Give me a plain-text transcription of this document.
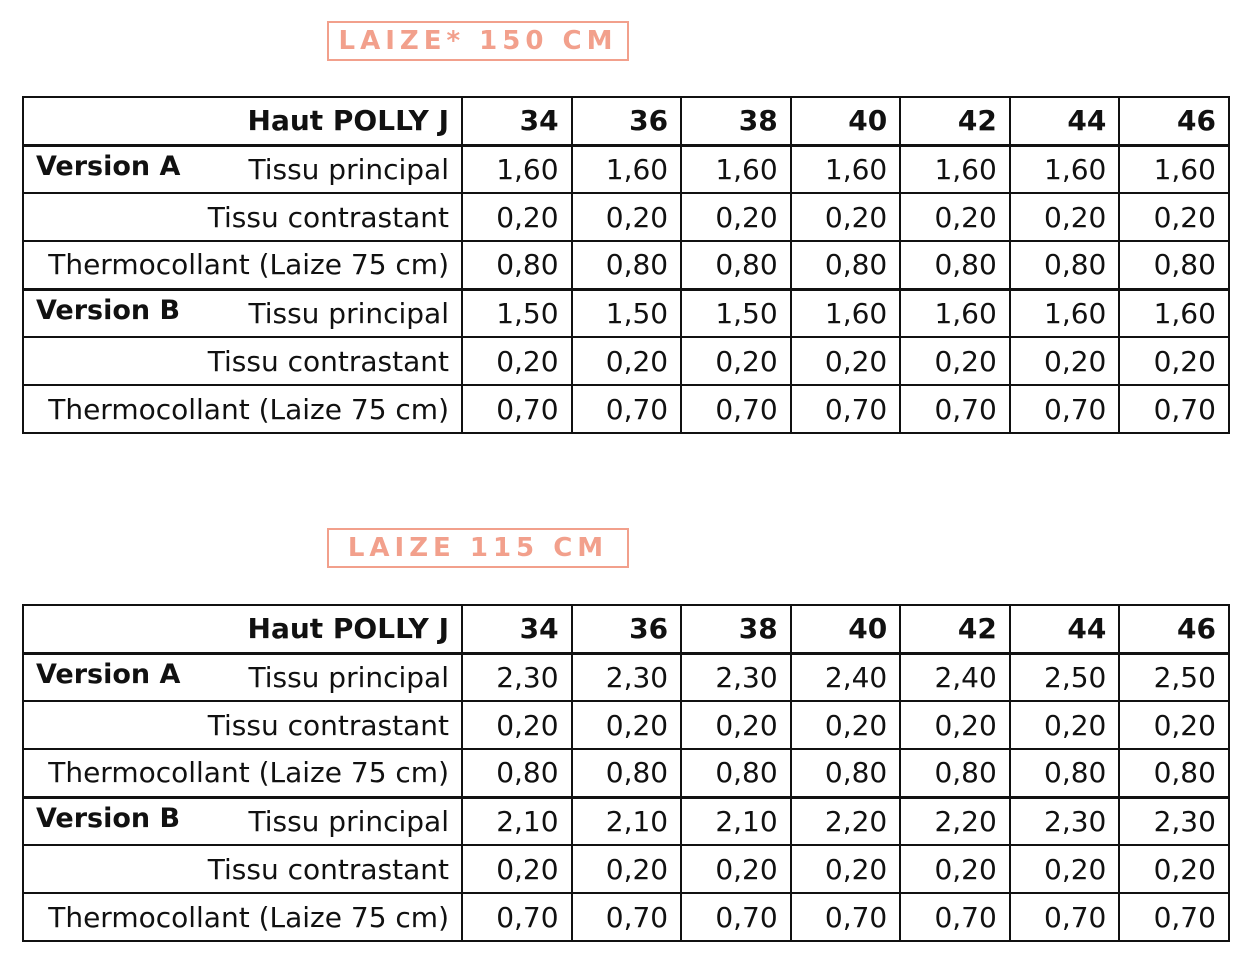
LAIZE* 150 CM
Haut POLLY J	34	36	38	40	42	44	46

Version A Tissu principal	1,60	1,60	1,60	1,60	1,60	1,60	1,60
Tissu contrastant	0,20	0,20	0,20	0,20	0,20	0,20	0,20
Thermocollant (Laize 75 cm)	0,80	0,80	0,80	0,80	0,80	0,80	0,80

Version B Tissu principal	1,50	1,50	1,50	1,60	1,60	1,60	1,60
Tissu contrastant	0,20	0,20	0,20	0,20	0,20	0,20	0,20
Thermocollant (Laize 75 cm)	0,70	0,70	0,70	0,70	0,70	0,70	0,70
LAIZE 115 CM
Haut POLLY J	34	36	38	40	42	44	46

Version A Tissu principal	2,30	2,30	2,30	2,40	2,40	2,50	2,50
Tissu contrastant	0,20	0,20	0,20	0,20	0,20	0,20	0,20
Thermocollant (Laize 75 cm)	0,80	0,80	0,80	0,80	0,80	0,80	0,80

Version B Tissu principal	2,10	2,10	2,10	2,20	2,20	2,30	2,30
Tissu contrastant	0,20	0,20	0,20	0,20	0,20	0,20	0,20
Thermocollant (Laize 75 cm)	0,70	0,70	0,70	0,70	0,70	0,70	0,70
